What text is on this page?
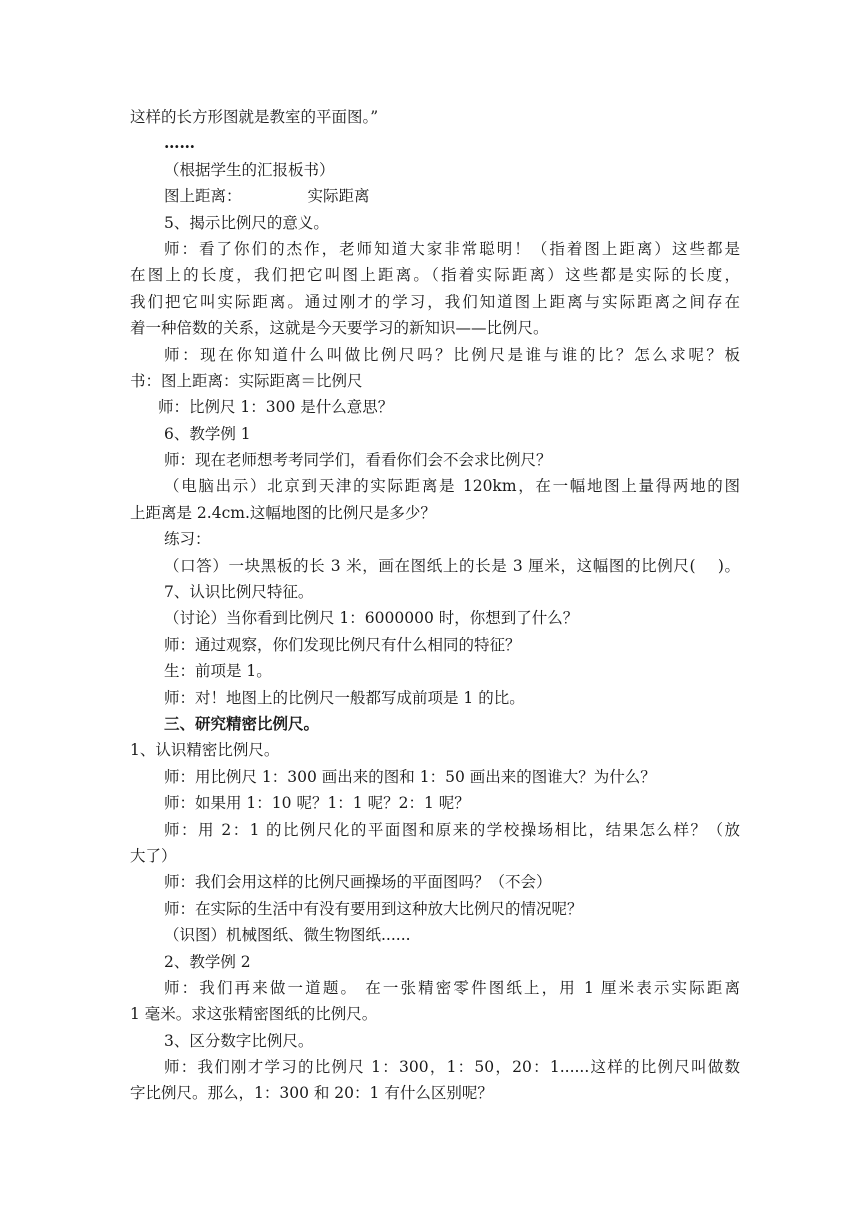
这样的长方形图就是教室的平面图。”
……
（根据学生的汇报板书）
图上距离：	实际距离
5、揭示比例尺的意义。
师：看了你们的杰作，老师知道大家非常聪明！（指着图上距离）这些都是
在图上的长度，我们把它叫图上距离。（指着实际距离）这些都是实际的长度，
我们把它叫实际距离。通过刚才的学习，我们知道图上距离与实际距离之间存在
着一种倍数的关系，这就是今天要学习的新知识——比例尺。
师：现在你知道什么叫做比例尺吗？比例尺是谁与谁的比？怎么求呢？板
书：图上距离：实际距离＝比例尺
师：比例尺 1：300 是什么意思？
6、教学例 1
师：现在老师想考考同学们，看看你们会不会求比例尺？
（电脑出示）北京到天津的实际距离是 120km，在一幅地图上量得两地的图
上距离是 2.4cm.这幅地图的比例尺是多少？
练习：
（口答）一块黑板的长 3 米，画在图纸上的长是 3 厘米，这幅图的比例尺(　 )。
7、认识比例尺特征。
（讨论）当你看到比例尺 1：6000000 时，你想到了什么？
师：通过观察，你们发现比例尺有什么相同的特征？
生：前项是 1。
师：对！地图上的比例尺一般都写成前项是 1 的比。
三、研究精密比例尺。
1、认识精密比例尺。
师：用比例尺 1：300 画出来的图和 1：50 画出来的图谁大？为什么？
师：如果用 1：10 呢？1：1 呢？2：1 呢？
师：用 2：1 的比例尺化的平面图和原来的学校操场相比，结果怎么样？（放
大了）
师：我们会用这样的比例尺画操场的平面图吗？（不会）
师：在实际的生活中有没有要用到这种放大比例尺的情况呢？
（识图）机械图纸、微生物图纸......
2、教学例 2
师：我们再来做一道题。 在一张精密零件图纸上，用 1 厘米表示实际距离
1 毫米。求这张精密图纸的比例尺。
3、区分数字比例尺。
师：我们刚才学习的比例尺 1：300，1：50，20：1......这样的比例尺叫做数
字比例尺。那么，1：300 和 20：1 有什么区别呢？
